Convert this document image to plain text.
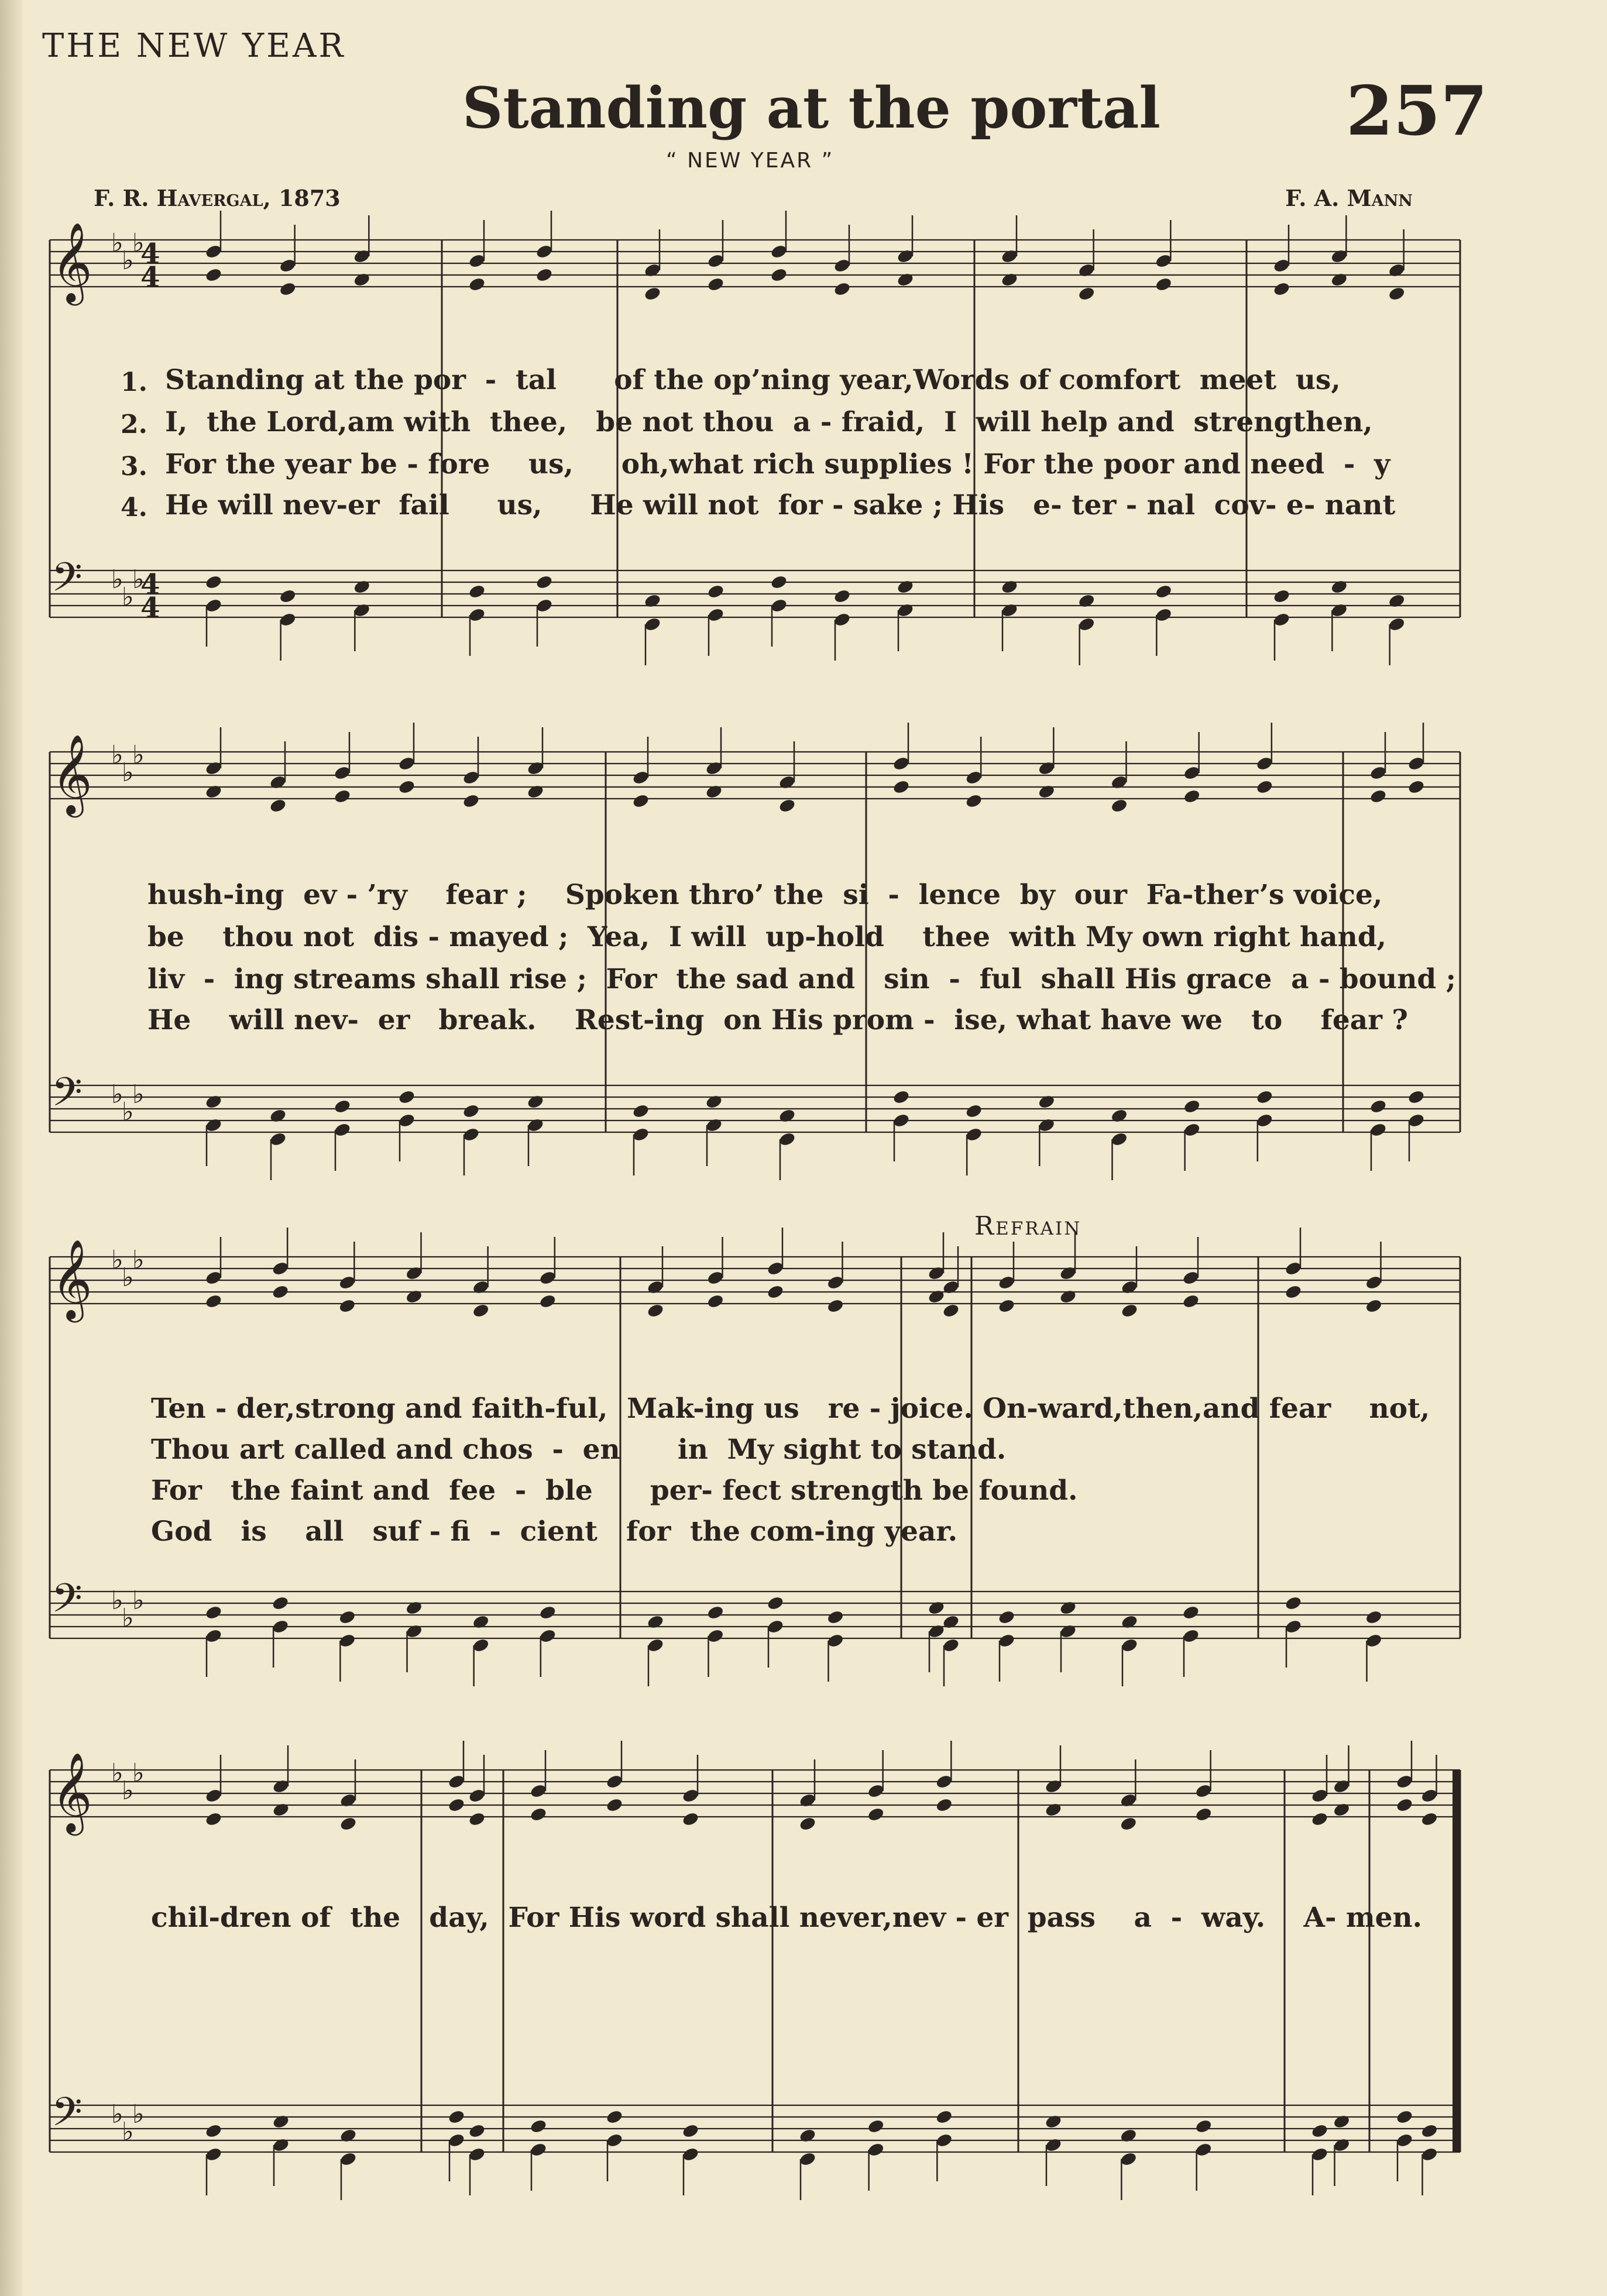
THE NEW YEAR
Standing at the portal	257
“ NEW YEAR ”
F. R. Havergal, 1873	F. A. Mann
Refrain
𝄞 ♭
♭
♭
𝄢 ♭
♭
♭
𝄞 ♭
♭
♭
𝄢 ♭
♭
♭
𝄞 ♭
♭
♭
𝄢 ♭
♭
♭
𝄞 ♭
♭
♭
𝄢 ♭
♭
♭
4
4
4
4
1. Standing at the por  -  tal      of the op’ning year,Words of comfort  meet  us,
2. I,  the Lord,am with  thee,   be not thou  a - fraid,  I  will help and  strengthen,
3. For the year be - fore    us,     oh,what rich supplies ! For the poor and need  -  y
4. He will nev-er  fail     us,     He will not  for - sake ; His   e- ter - nal  cov- e- nant
hush-ing  ev - ’ry    fear ;    Spoken thro’ the  si  -  lence  by  our  Fa-ther’s voice,
be    thou not  dis - mayed ;  Yea,  I will  up-hold    thee  with My own right hand,
liv  -  ing streams shall rise ;  For  the sad and   sin  -  ful  shall His grace  a - bound ;
He    will nev-  er   break.    Rest-ing  on His prom -  ise, what have we   to    fear ?
Ten - der,strong and faith-ful,  Mak-ing us   re - joice. On-ward,then,and fear    not,
Thou art called and chos  -  en      in  My sight to stand.
For   the faint and  fee  -  ble      per- fect strength be found.
God   is    all   suf - fi  -  cient   for  the com-ing year.
chil-dren of  the   day,  For His word shall never,nev - er  pass    a  -  way.    A- men.
